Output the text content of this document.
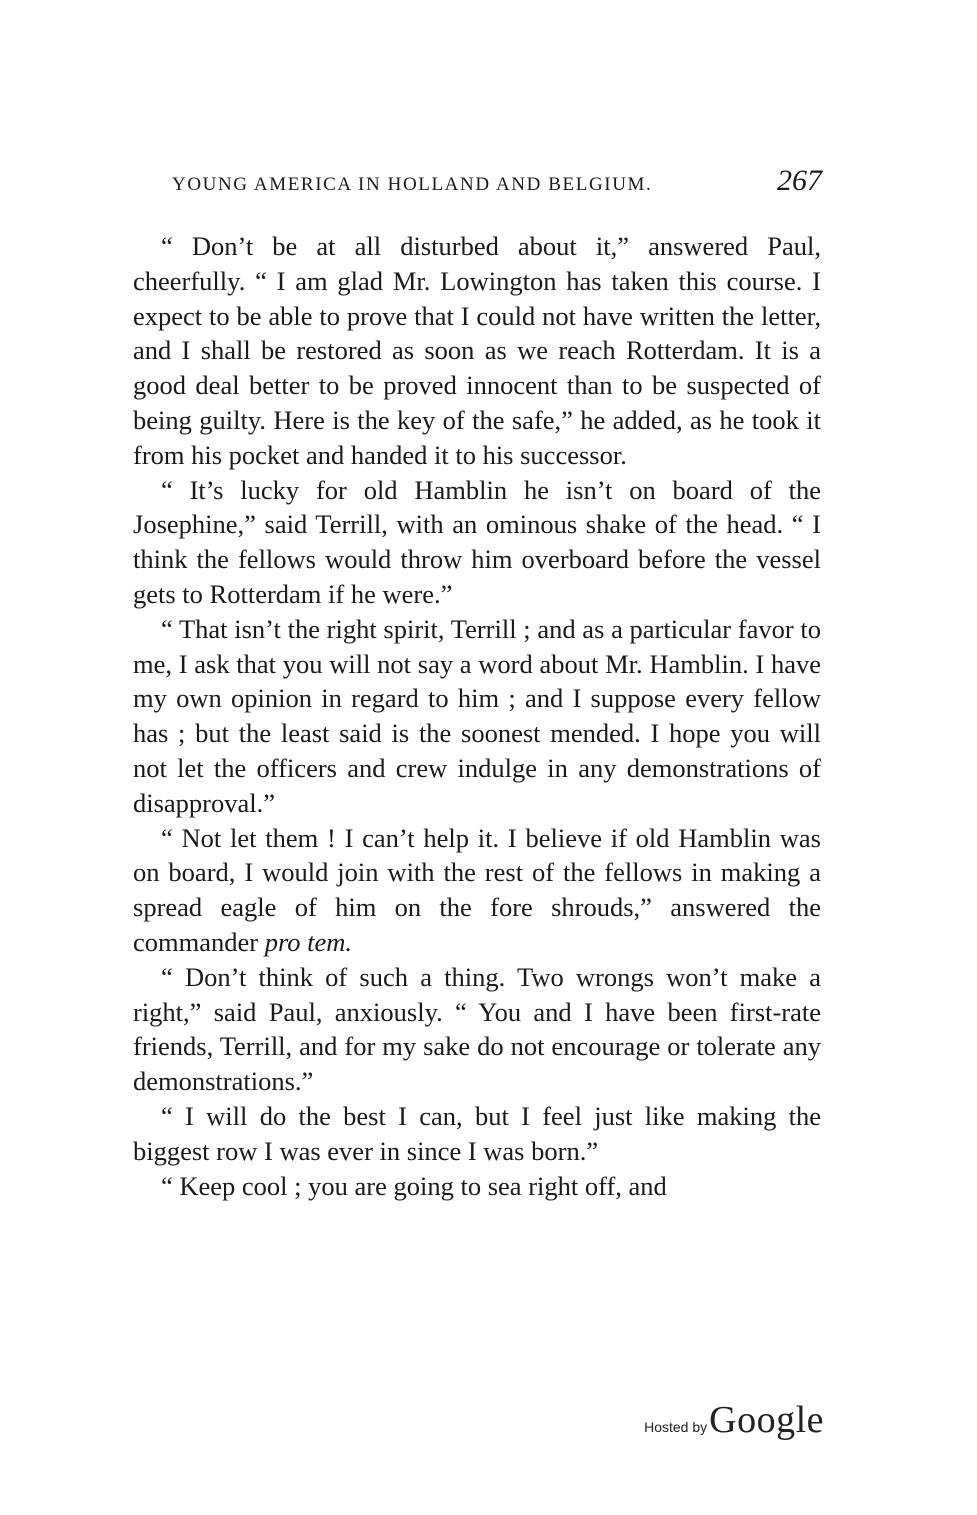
YOUNG AMERICA IN HOLLAND AND BELGIUM.	267

“ Don’t be at all disturbed about it,” answered Paul, cheerfully. “ I am glad Mr. Lowington has taken this course. I expect to be able to prove that I could not have written the letter, and I shall be restored as soon as we reach Rotterdam. It is a good deal better to be proved innocent than to be suspected of being guilty. Here is the key of the safe,” he added, as he took it from his pocket and handed it to his successor.

“ It’s lucky for old Hamblin he isn’t on board of the Josephine,” said Terrill, with an ominous shake of the head. “ I think the fellows would throw him overboard before the vessel gets to Rotterdam if he were.”

“ That isn’t the right spirit, Terrill ; and as a particular favor to me, I ask that you will not say a word about Mr. Hamblin. I have my own opinion in regard to him ; and I suppose every fellow has ; but the least said is the soonest mended. I hope you will not let the officers and crew indulge in any demonstrations of disapproval.”

“ Not let them ! I can’t help it. I believe if old Hamblin was on board, I would join with the rest of the fellows in making a spread eagle of him on the fore shrouds,” answered the commander pro tem.

“ Don’t think of such a thing. Two wrongs won’t make a right,” said Paul, anxiously. “ You and I have been first-rate friends, Terrill, and for my sake do not encourage or tolerate any demonstrations.”

“ I will do the best I can, but I feel just like making the biggest row I was ever in since I was born.”

“ Keep cool ; you are going to sea right off, and

Hosted by Google
